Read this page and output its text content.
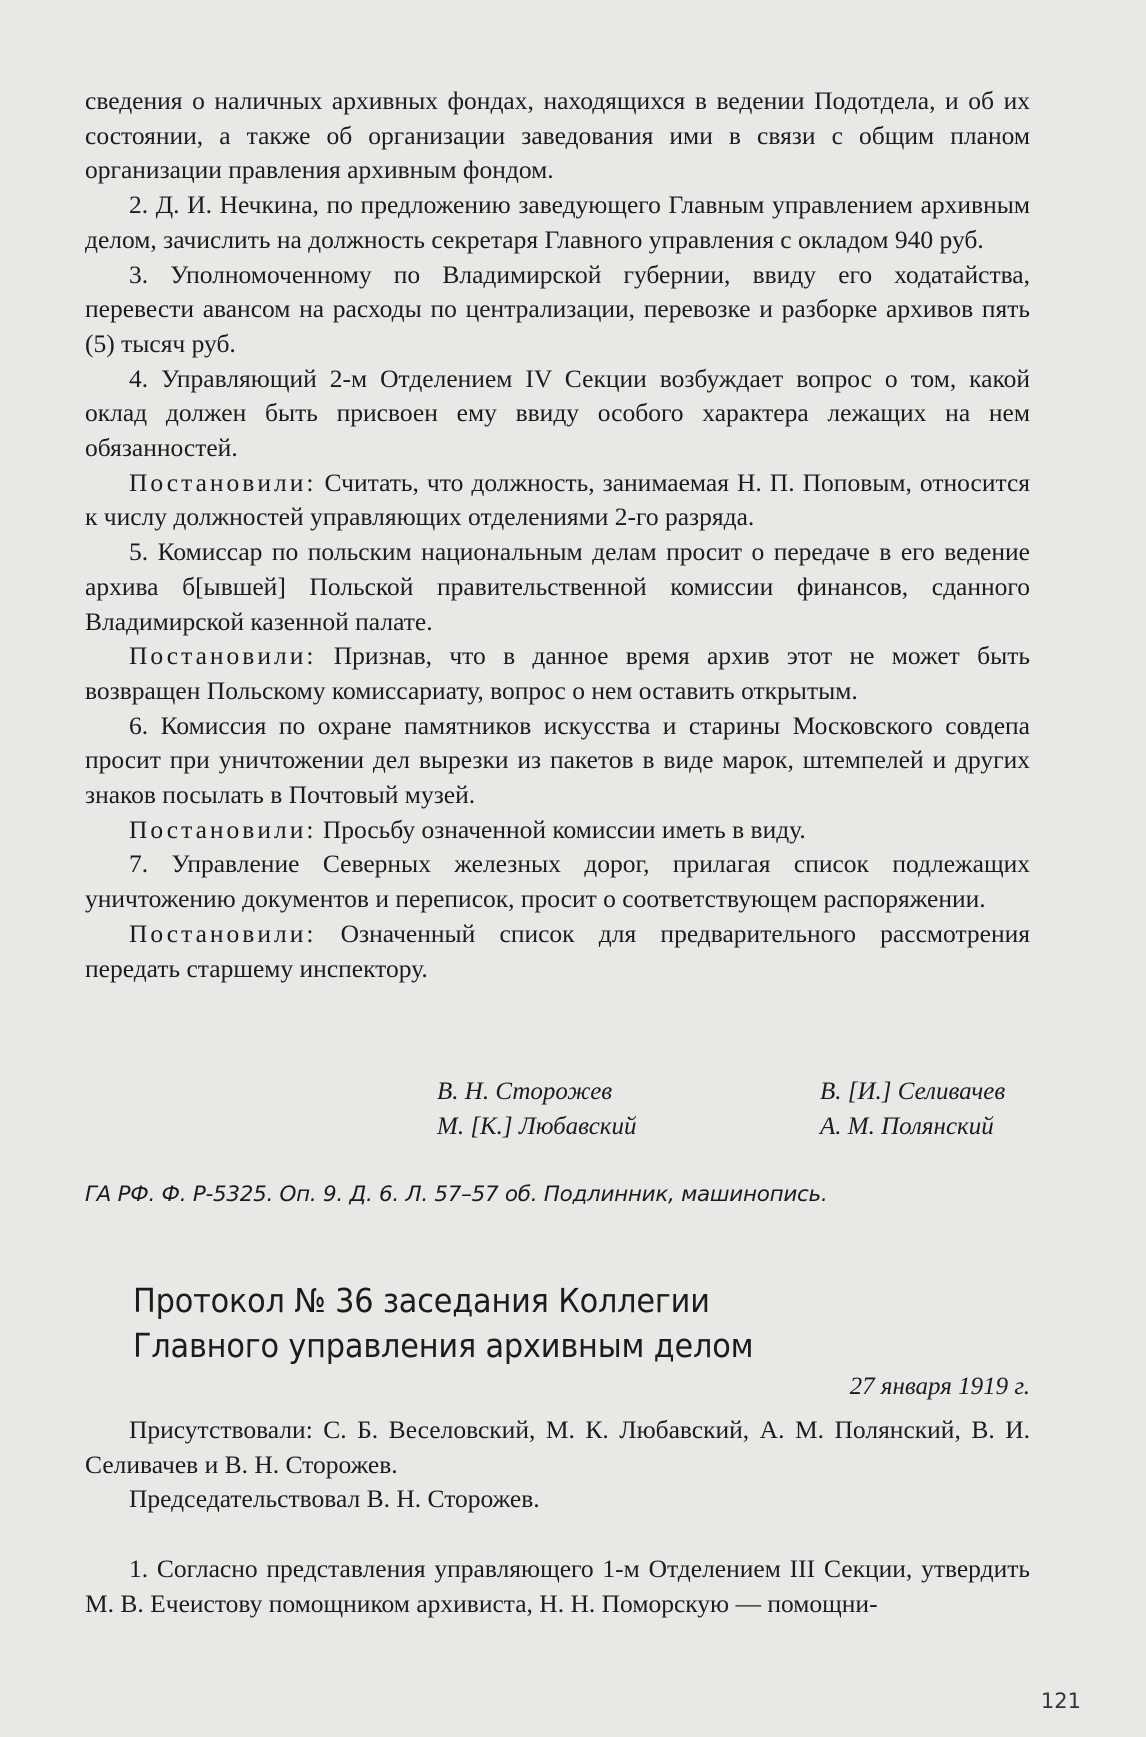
сведения о наличных архивных фондах, находящихся в ведении Подотдела, и об их состоянии, а также об организации заведования ими в связи с общим планом организации правления архивным фондом.

2. Д. И. Нечкина, по предложению заведующего Главным управлением архивным делом, зачислить на должность секретаря Главного управления с окладом 940 руб.

3. Уполномоченному по Владимирской губернии, ввиду его ходатайства, перевести авансом на расходы по централизации, перевозке и разборке архивов пять (5) тысяч руб.

4. Управляющий 2-м Отделением IV Секции возбуждает вопрос о том, какой оклад должен быть присвоен ему ввиду особого характера лежащих на нем обязанностей.

Постановили: Считать, что должность, занимаемая Н. П. Поповым, относится к числу должностей управляющих отделениями 2-го разряда.

5. Комиссар по польским национальным делам просит о передаче в его ведение архива б[ывшей] Польской правительственной комиссии финансов, сданного Владимирской казенной палате.

Постановили: Признав, что в данное время архив этот не может быть возвращен Польскому комиссариату, вопрос о нем оставить открытым.

6. Комиссия по охране памятников искусства и старины Московского совдепа просит при уничтожении дел вырезки из пакетов в виде марок, штемпелей и других знаков посылать в Почтовый музей.

Постановили: Просьбу означенной комиссии иметь в виду.

7. Управление Северных железных дорог, прилагая список подлежащих уничтожению документов и переписок, просит о соответствующем распоряжении.

Постановили: Означенный список для предварительного рассмотрения передать старшему инспектору.

В. Н. Сторожев	В. [И.] Селивачев
М. [К.] Любавский	А. М. Полянский
ГА РФ. Ф. Р-5325. Оп. 9. Д. 6. Л. 57–57 об. Подлинник, машинопись.
Протокол № 36 заседания Коллегии
Главного управления архивным делом
27 января 1919 г.

Присутствовали: С. Б. Веселовский, М. К. Любавский, А. М. Полянский, В. И. Селивачев и В. Н. Сторожев.

Председательствовал В. Н. Сторожев.

1. Согласно представления управляющего 1-м Отделением III Секции, утвердить М. В. Ечеистову помощником архивиста, Н. Н. Поморскую — помощни-

121
